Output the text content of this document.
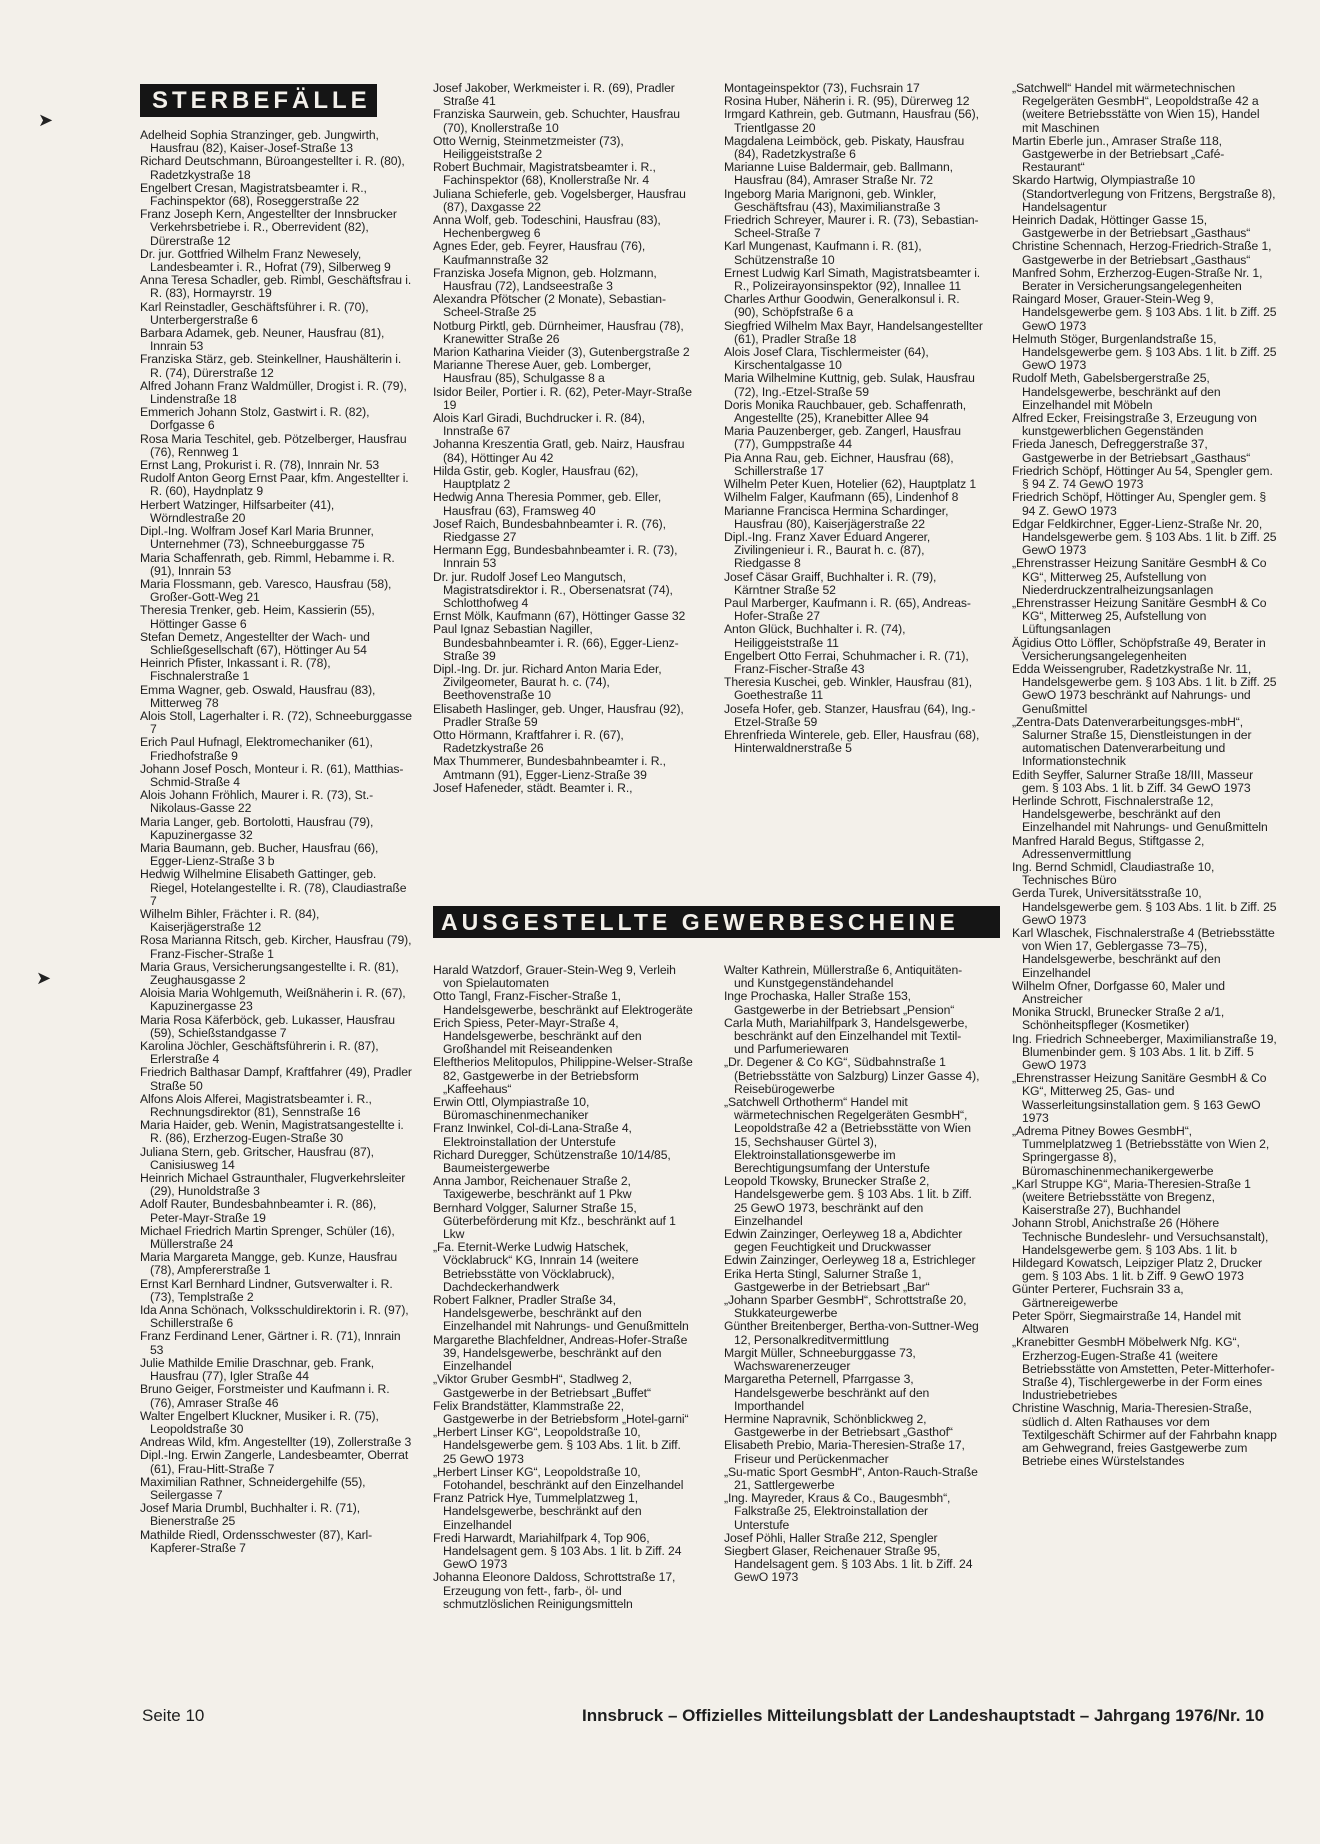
STERBEFÄLLE

Adelheid Sophia Stranzinger, geb. Jungwirth, Hausfrau (82), Kaiser-Josef-Straße 13

Richard Deutschmann, Büroangestellter i. R. (80), Radetzkystraße 18

Engelbert Cresan, Magistratsbeamter i. R., Fachinspektor (68), Roseggerstraße 22

Franz Joseph Kern, Angestellter der Innsbrucker Verkehrsbetriebe i. R., Oberrevident (82), Dürerstraße 12

Dr. jur. Gottfried Wilhelm Franz Newesely, Landesbeamter i. R., Hofrat (79), Silberweg 9

Anna Teresa Schadler, geb. Rimbl, Geschäftsfrau i. R. (83), Hormayrstr. 19

Karl Reinstadler, Geschäftsführer i. R. (70), Unterbergerstraße 6

Barbara Adamek, geb. Neuner, Hausfrau (81), Innrain 53

Franziska Stärz, geb. Steinkellner, Haushälterin i. R. (74), Dürerstraße 12

Alfred Johann Franz Waldmüller, Drogist i. R. (79), Lindenstraße 18

Emmerich Johann Stolz, Gastwirt i. R. (82), Dorfgasse 6

Rosa Maria Teschitel, geb. Pötzelberger, Hausfrau (76), Rennweg 1

Ernst Lang, Prokurist i. R. (78), Innrain Nr. 53

Rudolf Anton Georg Ernst Paar, kfm. Angestellter i. R. (60), Haydnplatz 9

Herbert Watzinger, Hilfsarbeiter (41), Wörndlestraße 20

Dipl.-Ing. Wolfram Josef Karl Maria Brunner, Unternehmer (73), Schneeburggasse 75

Maria Schaffenrath, geb. Rimml, Hebamme i. R. (91), Innrain 53

Maria Flossmann, geb. Varesco, Hausfrau (58), Großer-Gott-Weg 21

Theresia Trenker, geb. Heim, Kassierin (55), Höttinger Gasse 6

Stefan Demetz, Angestellter der Wach- und Schließgesellschaft (67), Höttinger Au 54

Heinrich Pfister, Inkassant i. R. (78), Fischnalerstraße 1

Emma Wagner, geb. Oswald, Hausfrau (83), Mitterweg 78

Alois Stoll, Lagerhalter i. R. (72), Schneeburggasse 7

Erich Paul Hufnagl, Elektromechaniker (61), Friedhofstraße 9

Johann Josef Posch, Monteur i. R. (61), Matthias-Schmid-Straße 4

Alois Johann Fröhlich, Maurer i. R. (73), St.-Nikolaus-Gasse 22

Maria Langer, geb. Bortolotti, Hausfrau (79), Kapuzinergasse 32

Maria Baumann, geb. Bucher, Hausfrau (66), Egger-Lienz-Straße 3 b

Hedwig Wilhelmine Elisabeth Gattinger, geb. Riegel, Hotelangestellte i. R. (78), Claudiastraße 7

Wilhelm Bihler, Frächter i. R. (84), Kaiserjägerstraße 12

Rosa Marianna Ritsch, geb. Kircher, Hausfrau (79), Franz-Fischer-Straße 1

Maria Graus, Versicherungsangestellte i. R. (81), Zeughausgasse 2

Aloisia Maria Wohlgemuth, Weißnäherin i. R. (67), Kapuzinergasse 23

Maria Rosa Käferböck, geb. Lukasser, Hausfrau (59), Schießstandgasse 7

Karolina Jöchler, Geschäftsführerin i. R. (87), Erlerstraße 4

Friedrich Balthasar Dampf, Kraftfahrer (49), Pradler Straße 50

Alfons Alois Alferei, Magistratsbeamter i. R., Rechnungsdirektor (81), Sennstraße 16

Maria Haider, geb. Wenin, Magistratsangestellte i. R. (86), Erzherzog-Eugen-Straße 30

Juliana Stern, geb. Gritscher, Hausfrau (87), Canisiusweg 14

Heinrich Michael Gstraunthaler, Flugverkehrsleiter (29), Hunoldstraße 3

Adolf Rauter, Bundesbahnbeamter i. R. (86), Peter-Mayr-Straße 19

Michael Friedrich Martin Sprenger, Schüler (16), Müllerstraße 24

Maria Margareta Mangge, geb. Kunze, Hausfrau (78), Ampfererstraße 1

Ernst Karl Bernhard Lindner, Gutsverwalter i. R. (73), Templstraße 2

Ida Anna Schönach, Volksschuldirektorin i. R. (97), Schillerstraße 6

Franz Ferdinand Lener, Gärtner i. R. (71), Innrain 53

Julie Mathilde Emilie Draschnar, geb. Frank, Hausfrau (77), Igler Straße 44

Bruno Geiger, Forstmeister und Kaufmann i. R. (76), Amraser Straße 46

Walter Engelbert Kluckner, Musiker i. R. (75), Leopoldstraße 30

Andreas Wild, kfm. Angestellter (19), Zollerstraße 3

Dipl.-Ing. Erwin Zangerle, Landesbeamter, Oberrat (61), Frau-Hitt-Straße 7

Maximilian Rathner, Schneidergehilfe (55), Seilergasse 7

Josef Maria Drumbl, Buchhalter i. R. (71), Bienerstraße 25

Mathilde Riedl, Ordensschwester (87), Karl-Kapferer-Straße 7

Josef Jakober, Werkmeister i. R. (69), Pradler Straße 41

Franziska Saurwein, geb. Schuchter, Hausfrau (70), Knollerstraße 10

Otto Wernig, Steinmetzmeister (73), Heiliggeiststraße 2

Robert Buchmair, Magistratsbeamter i. R., Fachinspektor (68), Knollerstraße Nr. 4

Juliana Schieferle, geb. Vogelsberger, Hausfrau (87), Daxgasse 22

Anna Wolf, geb. Todeschini, Hausfrau (83), Hechenbergweg 6

Agnes Eder, geb. Feyrer, Hausfrau (76), Kaufmannstraße 32

Franziska Josefa Mignon, geb. Holzmann, Hausfrau (72), Landseestraße 3

Alexandra Pfötscher (2 Monate), Sebastian-Scheel-Straße 25

Notburg Pirktl, geb. Dürnheimer, Hausfrau (78), Kranewitter Straße 26

Marion Katharina Vieider (3), Gutenbergstraße 2

Marianne Therese Auer, geb. Lomberger, Hausfrau (85), Schulgasse 8 a

Isidor Beiler, Portier i. R. (62), Peter-Mayr-Straße 19

Alois Karl Giradi, Buchdrucker i. R. (84), Innstraße 67

Johanna Kreszentia Gratl, geb. Nairz, Hausfrau (84), Höttinger Au 42

Hilda Gstir, geb. Kogler, Hausfrau (62), Hauptplatz 2

Hedwig Anna Theresia Pommer, geb. Eller, Hausfrau (63), Framsweg 40

Josef Raich, Bundesbahnbeamter i. R. (76), Riedgasse 27

Hermann Egg, Bundesbahnbeamter i. R. (73), Innrain 53

Dr. jur. Rudolf Josef Leo Mangutsch, Magistratsdirektor i. R., Obersenatsrat (74), Schlotthofweg 4

Ernst Mölk, Kaufmann (67), Höttinger Gasse 32

Paul Ignaz Sebastian Nagiller, Bundesbahnbeamter i. R. (66), Egger-Lienz-Straße 39

Dipl.-Ing. Dr. jur. Richard Anton Maria Eder, Zivilgeometer, Baurat h. c. (74), Beethovenstraße 10

Elisabeth Haslinger, geb. Unger, Hausfrau (92), Pradler Straße 59

Otto Hörmann, Kraftfahrer i. R. (67), Radetzkystraße 26

Max Thummerer, Bundesbahnbeamter i. R., Amtmann (91), Egger-Lienz-Straße 39

Josef Hafeneder, städt. Beamter i. R.,

Montageinspektor (73), Fuchsrain 17

Rosina Huber, Näherin i. R. (95), Dürerweg 12

Irmgard Kathrein, geb. Gutmann, Hausfrau (56), Trientlgasse 20

Magdalena Leimböck, geb. Piskaty, Hausfrau (84), Radetzkystraße 6

Marianne Luise Baldermair, geb. Ballmann, Hausfrau (84), Amraser Straße Nr. 72

Ingeborg Maria Marignoni, geb. Winkler, Geschäftsfrau (43), Maximilianstraße 3

Friedrich Schreyer, Maurer i. R. (73), Sebastian-Scheel-Straße 7

Karl Mungenast, Kaufmann i. R. (81), Schützenstraße 10

Ernest Ludwig Karl Simath, Magistratsbeamter i. R., Polizeirayonsinspektor (92), Innallee 11

Charles Arthur Goodwin, Generalkonsul i. R. (90), Schöpfstraße 6 a

Siegfried Wilhelm Max Bayr, Handelsangestellter (61), Pradler Straße 18

Alois Josef Clara, Tischlermeister (64), Kirschentalgasse 10

Maria Wilhelmine Kuttnig, geb. Sulak, Hausfrau (72), Ing.-Etzel-Straße 59

Doris Monika Rauchbauer, geb. Schaffenrath, Angestellte (25), Kranebitter Allee 94

Maria Pauzenberger, geb. Zangerl, Hausfrau (77), Gumppstraße 44

Pia Anna Rau, geb. Eichner, Hausfrau (68), Schillerstraße 17

Wilhelm Peter Kuen, Hotelier (62), Hauptplatz 1

Wilhelm Falger, Kaufmann (65), Lindenhof 8

Marianne Francisca Hermina Schardinger, Hausfrau (80), Kaiserjägerstraße 22

Dipl.-Ing. Franz Xaver Eduard Angerer, Zivilingenieur i. R., Baurat h. c. (87), Riedgasse 8

Josef Cäsar Graiff, Buchhalter i. R. (79), Kärntner Straße 52

Paul Marberger, Kaufmann i. R. (65), Andreas-Hofer-Straße 27

Anton Glück, Buchhalter i. R. (74), Heiliggeiststraße 11

Engelbert Otto Ferrai, Schuhmacher i. R. (71), Franz-Fischer-Straße 43

Theresia Kuschei, geb. Winkler, Hausfrau (81), Goethestraße 11

Josefa Hofer, geb. Stanzer, Hausfrau (64), Ing.-Etzel-Straße 59

Ehrenfrieda Winterele, geb. Eller, Hausfrau (68), Hinterwaldnerstraße 5

AUSGESTELLTE GEWERBESCHEINE

Harald Watzdorf, Grauer-Stein-Weg 9, Verleih von Spielautomaten

Otto Tangl, Franz-Fischer-Straße 1, Handelsgewerbe, beschränkt auf Elektrogeräte

Erich Spiess, Peter-Mayr-Straße 4, Handelsgewerbe, beschränkt auf den Großhandel mit Reiseandenken

Eleftherios Melitopulos, Philippine-Welser-Straße 82, Gastgewerbe in der Betriebsform „Kaffeehaus“

Erwin Ottl, Olympiastraße 10, Büromaschinenmechaniker

Franz Inwinkel, Col-di-Lana-Straße 4, Elektroinstallation der Unterstufe

Richard Duregger, Schützenstraße 10/14/85, Baumeistergewerbe

Anna Jambor, Reichenauer Straße 2, Taxigewerbe, beschränkt auf 1 Pkw

Bernhard Volgger, Salurner Straße 15, Güterbeförderung mit Kfz., beschränkt auf 1 Lkw

„Fa. Eternit-Werke Ludwig Hatschek, Vöcklabruck“ KG, Innrain 14 (weitere Betriebsstätte von Vöcklabruck), Dachdeckerhandwerk

Robert Falkner, Pradler Straße 34, Handelsgewerbe, beschränkt auf den Einzelhandel mit Nahrungs- und Genußmitteln

Margarethe Blachfeldner, Andreas-Hofer-Straße 39, Handelsgewerbe, beschränkt auf den Einzelhandel

„Viktor Gruber GesmbH“, Stadlweg 2, Gastgewerbe in der Betriebsart „Buffet“

Felix Brandstätter, Klammstraße 22, Gastgewerbe in der Betriebsform „Hotel-garni“

„Herbert Linser KG“, Leopoldstraße 10, Handelsgewerbe gem. § 103 Abs. 1 lit. b Ziff. 25 GewO 1973

„Herbert Linser KG“, Leopoldstraße 10, Fotohandel, beschränkt auf den Einzelhandel

Franz Patrick Hye, Tummelplatzweg 1, Handelsgewerbe, beschränkt auf den Einzelhandel

Fredi Harwardt, Mariahilfpark 4, Top 906, Handelsagent gem. § 103 Abs. 1 lit. b Ziff. 24 GewO 1973

Johanna Eleonore Daldoss, Schrottstraße 17, Erzeugung von fett-, farb-, öl- und schmutzlöslichen Reinigungsmitteln

Walter Kathrein, Müllerstraße 6, Antiquitäten- und Kunstgegenständehandel

Inge Prochaska, Haller Straße 153, Gastgewerbe in der Betriebsart „Pension“

Carla Muth, Mariahilfpark 3, Handelsgewerbe, beschränkt auf den Einzelhandel mit Textil- und Parfumeriewaren

„Dr. Degener & Co KG“, Südbahnstraße 1 (Betriebsstätte von Salzburg) Linzer Gasse 4), Reisebürogewerbe

„Satchwell Orthotherm“ Handel mit wärmetechnischen Regelgeräten GesmbH“, Leopoldstraße 42 a (Betriebsstätte von Wien 15, Sechshauser Gürtel 3), Elektroinstallationsgewerbe im Berechtigungsumfang der Unterstufe

Leopold Tkowsky, Brunecker Straße 2, Handelsgewerbe gem. § 103 Abs. 1 lit. b Ziff. 25 GewO 1973, beschränkt auf den Einzelhandel

Edwin Zainzinger, Oerleyweg 18 a, Abdichter gegen Feuchtigkeit und Druckwasser

Edwin Zainzinger, Oerleyweg 18 a, Estrichleger

Erika Herta Stingl, Salurner Straße 1, Gastgewerbe in der Betriebsart „Bar“

„Johann Sparber GesmbH“, Schrottstraße 20, Stukkateurgewerbe

Günther Breitenberger, Bertha-von-Suttner-Weg 12, Personalkreditvermittlung

Margit Müller, Schneeburggasse 73, Wachswarenerzeuger

Margaretha Peternell, Pfarrgasse 3, Handelsgewerbe beschränkt auf den Importhandel

Hermine Napravnik, Schönblickweg 2, Gastgewerbe in der Betriebsart „Gasthof“

Elisabeth Prebio, Maria-Theresien-Straße 17, Friseur und Perückenmacher

„Su-matic Sport GesmbH“, Anton-Rauch-Straße 21, Sattlergewerbe

„Ing. Mayreder, Kraus & Co., Baugesmbh“, Falkstraße 25, Elektroinstallation der Unterstufe

Josef Pöhli, Haller Straße 212, Spengler

Siegbert Glaser, Reichenauer Straße 95, Handelsagent gem. § 103 Abs. 1 lit. b Ziff. 24 GewO 1973

„Satchwell“ Handel mit wärmetechnischen Regelgeräten GesmbH“, Leopoldstraße 42 a (weitere Betriebsstätte von Wien 15), Handel mit Maschinen

Martin Eberle jun., Amraser Straße 118, Gastgewerbe in der Betriebsart „Café-Restaurant“

Skardo Hartwig, Olympiastraße 10 (Standortverlegung von Fritzens, Bergstraße 8), Handelsagentur

Heinrich Dadak, Höttinger Gasse 15, Gastgewerbe in der Betriebsart „Gasthaus“

Christine Schennach, Herzog-Friedrich-Straße 1, Gastgewerbe in der Betriebsart „Gasthaus“

Manfred Sohm, Erzherzog-Eugen-Straße Nr. 1, Berater in Versicherungsangelegenheiten

Raingard Moser, Grauer-Stein-Weg 9, Handelsgewerbe gem. § 103 Abs. 1 lit. b Ziff. 25 GewO 1973

Helmuth Stöger, Burgenlandstraße 15, Handelsgewerbe gem. § 103 Abs. 1 lit. b Ziff. 25 GewO 1973

Rudolf Meth, Gabelsbergerstraße 25, Handelsgewerbe, beschränkt auf den Einzelhandel mit Möbeln

Alfred Ecker, Freisingstraße 3, Erzeugung von kunstgewerblichen Gegenständen

Frieda Janesch, Defreggerstraße 37, Gastgewerbe in der Betriebsart „Gasthaus“

Friedrich Schöpf, Höttinger Au 54, Spengler gem. § 94 Z. 74 GewO 1973

Friedrich Schöpf, Höttinger Au, Spengler gem. § 94 Z. GewO 1973

Edgar Feldkirchner, Egger-Lienz-Straße Nr. 20, Handelsgewerbe gem. § 103 Abs. 1 lit. b Ziff. 25 GewO 1973

„Ehrenstrasser Heizung Sanitäre GesmbH & Co KG“, Mitterweg 25, Aufstellung von Niederdruckzentralheizungsanlagen

„Ehrenstrasser Heizung Sanitäre GesmbH & Co KG“, Mitterweg 25, Aufstellung von Lüftungsanlagen

Ägidius Otto Löffler, Schöpfstraße 49, Berater in Versicherungsangelegenheiten

Edda Weissengruber, Radetzkystraße Nr. 11, Handelsgewerbe gem. § 103 Abs. 1 lit. b Ziff. 25 GewO 1973 beschränkt auf Nahrungs- und Genußmittel

„Zentra-Dats Datenverarbeitungsges-mbH“, Salurner Straße 15, Dienstleistungen in der automatischen Datenverarbeitung und Informationstechnik

Edith Seyffer, Salurner Straße 18/III, Masseur gem. § 103 Abs. 1 lit. b Ziff. 34 GewO 1973

Herlinde Schrott, Fischnalerstraße 12, Handelsgewerbe, beschränkt auf den Einzelhandel mit Nahrungs- und Genußmitteln

Manfred Harald Begus, Stiftgasse 2, Adressenvermittlung

Ing. Bernd Schmidl, Claudiastraße 10, Technisches Büro

Gerda Turek, Universitätsstraße 10, Handelsgewerbe gem. § 103 Abs. 1 lit. b Ziff. 25 GewO 1973

Karl Wlaschek, Fischnalerstraße 4 (Betriebsstätte von Wien 17, Geblergasse 73–75), Handelsgewerbe, beschränkt auf den Einzelhandel

Wilhelm Ofner, Dorfgasse 60, Maler und Anstreicher

Monika Struckl, Brunecker Straße 2 a/1, Schönheitspfleger (Kosmetiker)

Ing. Friedrich Schneeberger, Maximilianstraße 19, Blumenbinder gem. § 103 Abs. 1 lit. b Ziff. 5 GewO 1973

„Ehrenstrasser Heizung Sanitäre GesmbH & Co KG“, Mitterweg 25, Gas- und Wasserleitungsinstallation gem. § 163 GewO 1973

„Adrema Pitney Bowes GesmbH“, Tummelplatzweg 1 (Betriebsstätte von Wien 2, Springergasse 8), Büromaschinenmechanikergewerbe

„Karl Struppe KG“, Maria-Theresien-Straße 1 (weitere Betriebsstätte von Bregenz, Kaiserstraße 27), Buchhandel

Johann Strobl, Anichstraße 26 (Höhere Technische Bundeslehr- und Versuchsanstalt), Handelsgewerbe gem. § 103 Abs. 1 lit. b

Hildegard Kowatsch, Leipziger Platz 2, Drucker gem. § 103 Abs. 1 lit. b Ziff. 9 GewO 1973

Günter Perterer, Fuchsrain 33 a, Gärtnereigewerbe

Peter Spörr, Siegmairstraße 14, Handel mit Altwaren

„Kranebitter GesmbH Möbelwerk Nfg. KG“, Erzherzog-Eugen-Straße 41 (weitere Betriebsstätte von Amstetten, Peter-Mitterhofer-Straße 4), Tischlergewerbe in der Form eines Industriebetriebes

Christine Waschnig, Maria-Theresien-Straße, südlich d. Alten Rathauses vor dem Textilgeschäft Schirmer auf der Fahrbahn knapp am Gehwegrand, freies Gastgewerbe zum Betriebe eines Würstelstandes

Seite 10	Innsbruck – Offizielles Mitteilungsblatt der Landeshauptstadt – Jahrgang 1976/Nr. 10
➤
➤
